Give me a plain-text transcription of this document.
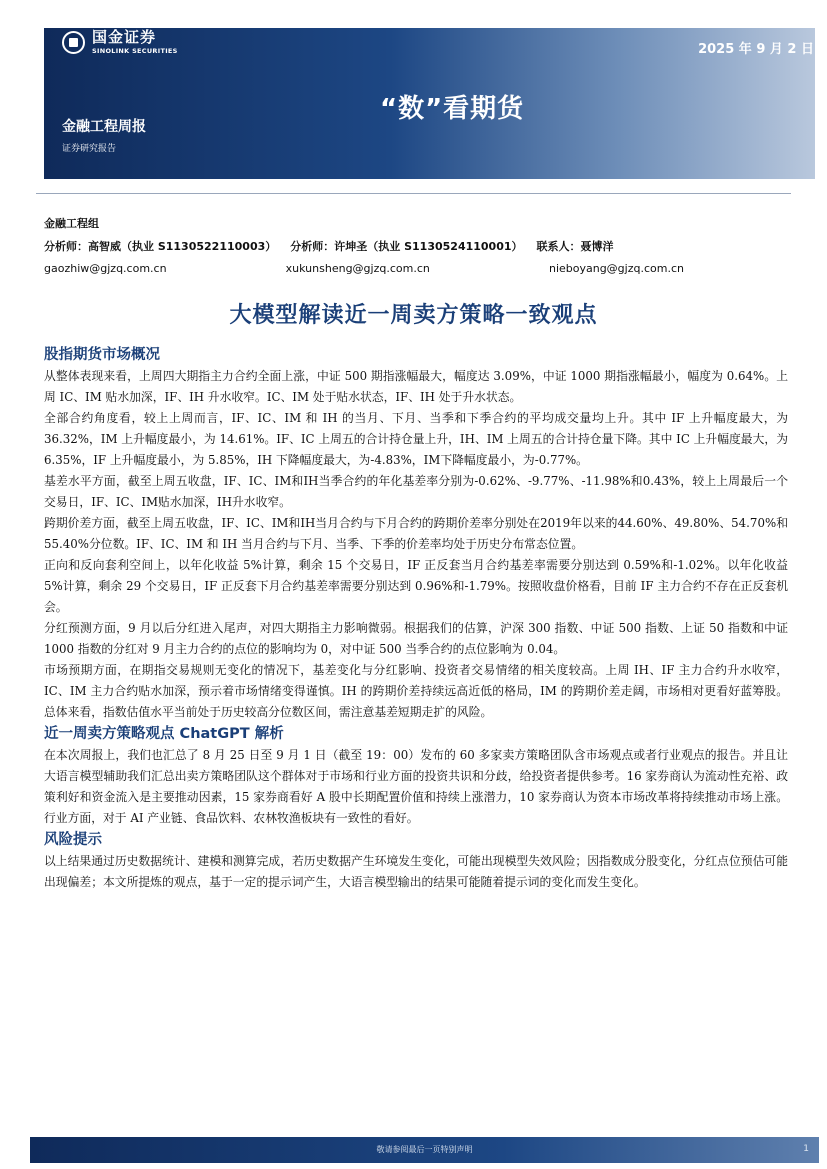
国金证券
SINOLINK SECURITIES	2025 年 9 月 2 日
“数”看期货
金融工程周报
证券研究报告
金融工程组
分析师：高智威（执业 S1130522110003） 分析师：许坤圣（执业 S1130524110001） 联系人：聂博洋
gaozhiw@gjzq.com.cn	xukunsheng@gjzq.com.cn	nieboyang@gjzq.com.cn
大模型解读近一周卖方策略一致观点
股指期货市场概况

从整体表现来看，上周四大期指主力合约全面上涨，中证 500 期指涨幅最大，幅度达 3.09%，中证 1000 期指涨幅最小，幅度为 0.64%。上周 IC、IM 贴水加深，IF、IH 升水收窄。IC、IM 处于贴水状态，IF、IH 处于升水状态。

全部合约角度看，较上上周而言，IF、IC、IM 和 IH 的当月、下月、当季和下季合约的平均成交量均上升。其中 IF 上升幅度最大，为 36.32%，IM 上升幅度最小，为 14.61%。IF、IC 上周五的合计持仓量上升，IH、IM 上周五的合计持仓量下降。其中 IC 上升幅度最大，为 6.35%，IF 上升幅度最小，为 5.85%，IH 下降幅度最大，为-4.83%，IM下降幅度最小，为-0.77%。

基差水平方面，截至上周五收盘，IF、IC、IM和IH当季合约的年化基差率分别为-0.62%、-9.77%、-11.98%和0.43%，较上上周最后一个交易日，IF、IC、IM贴水加深，IH升水收窄。

跨期价差方面，截至上周五收盘，IF、IC、IM和IH当月合约与下月合约的跨期价差率分别处在2019年以来的44.60%、49.80%、54.70%和 55.40%分位数。IF、IC、IM 和 IH 当月合约与下月、当季、下季的价差率均处于历史分布常态位置。

正向和反向套利空间上，以年化收益 5%计算，剩余 15 个交易日，IF 正反套当月合约基差率需要分别达到 0.59%和-1.02%。以年化收益 5%计算，剩余 29 个交易日，IF 正反套下月合约基差率需要分别达到 0.96%和-1.79%。按照收盘价格看，目前 IF 主力合约不存在正反套机会。

分红预测方面，9 月以后分红进入尾声，对四大期指主力影响微弱。根据我们的估算，沪深 300 指数、中证 500 指数、上证 50 指数和中证 1000 指数的分红对 9 月主力合约的点位的影响均为 0，对中证 500 当季合约的点位影响为 0.04。

市场预期方面，在期指交易规则无变化的情况下，基差变化与分红影响、投资者交易情绪的相关度较高。上周 IH、IF 主力合约升水收窄，IC、IM 主力合约贴水加深，预示着市场情绪变得谨慎。IH 的跨期价差持续远高近低的格局，IM 的跨期价差走阔，市场相对更看好蓝筹股。总体来看，指数估值水平当前处于历史较高分位数区间，需注意基差短期走扩的风险。

近一周卖方策略观点 ChatGPT 解析

在本次周报上，我们也汇总了 8 月 25 日至 9 月 1 日（截至 19：00）发布的 60 多家卖方策略团队含市场观点或者行业观点的报告。并且让大语言模型辅助我们汇总出卖方策略团队这个群体对于市场和行业方面的投资共识和分歧，给投资者提供参考。16 家券商认为流动性充裕、政策利好和资金流入是主要推动因素，15 家券商看好 A 股中长期配置价值和持续上涨潜力，10 家券商认为资本市场改革将持续推动市场上涨。行业方面，对于 AI 产业链、食品饮料、农林牧渔板块有一致性的看好。

风险提示

以上结果通过历史数据统计、建模和测算完成，若历史数据产生环境发生变化，可能出现模型失效风险；因指数成分股变化，分红点位预估可能出现偏差；本文所提炼的观点，基于一定的提示词产生，大语言模型输出的结果可能随着提示词的变化而发生变化。

敬请参阅最后一页特别声明	1
